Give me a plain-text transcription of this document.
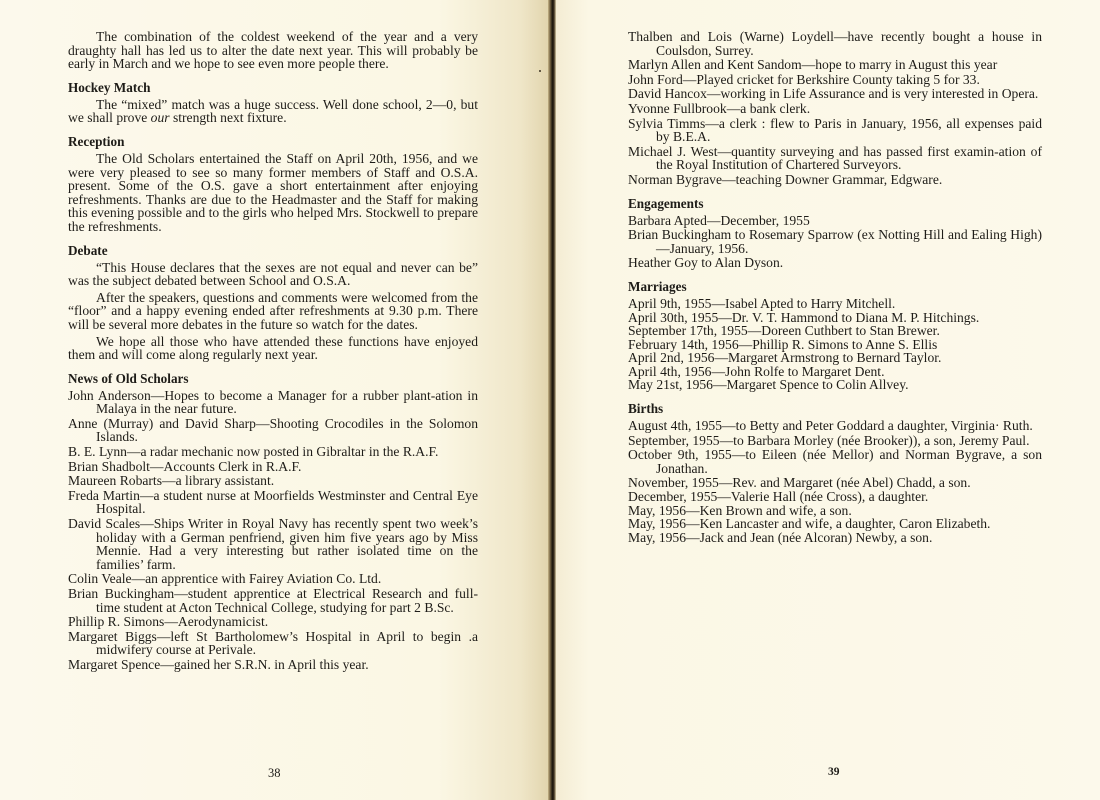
The combination of the coldest weekend of the year and a very draughty hall has led us to alter the date next year. This will probably be early in March and we hope to see even more people there.

Hockey Match

The “mixed” match was a huge success. Well done school, 2—0, but we shall prove our strength next fixture.

Reception

The Old Scholars entertained the Staff on April 20th, 1956, and we were very pleased to see so many former members of Staff and O.S.A. present. Some of the O.S. gave a short entertainment after enjoying refreshments. Thanks are due to the Headmaster and the Staff for making this evening possible and to the girls who helped Mrs. Stockwell to prepare the refreshments.

Debate

“This House declares that the sexes are not equal and never can be” was the subject debated between School and O.S.A.

After the speakers, questions and comments were welcomed from the “floor” and a happy evening ended after refreshments at 9.30 p.m. There will be several more debates in the future so watch for the dates.

We hope all those who have attended these functions have enjoyed them and will come along regularly next year.

News of Old Scholars

John Anderson—Hopes to become a Manager for a rubber plant-ation in Malaya in the near future.

Anne (Murray) and David Sharp—Shooting Crocodiles in the Solomon Islands.

B. E. Lynn—a radar mechanic now posted in Gibraltar in the R.A.F.

Brian Shadbolt—Accounts Clerk in R.A.F.

Maureen Robarts—a library assistant.

Freda Martin—a student nurse at Moorfields Westminster and Central Eye Hospital.

David Scales—Ships Writer in Royal Navy has recently spent two week’s holiday with a German penfriend, given him five years ago by Miss Mennie. Had a very interesting but rather isolated time on the families’ farm.

Colin Veale—an apprentice with Fairey Aviation Co. Ltd.

Brian Buckingham—student apprentice at Electrical Research and full-time student at Acton Technical College, studying for part 2 B.Sc.

Phillip R. Simons—Aerodynamicist.

Margaret Biggs—left St Bartholomew’s Hospital in April to begin .a midwifery course at Perivale.

Margaret Spence—gained her S.R.N. in April this year.

38

Thalben and Lois (Warne) Loydell—have recently bought a house in Coulsdon, Surrey.

Marlyn Allen and Kent Sandom—hope to marry in August this year

John Ford—Played cricket for Berkshire County taking 5 for 33.

David Hancox—working in Life Assurance and is very interested in Opera.

Yvonne Fullbrook—a bank clerk.

Sylvia Timms—a clerk : flew to Paris in January, 1956, all expenses paid by B.E.A.

Michael J. West—quantity surveying and has passed first examin-ation of the Royal Institution of Chartered Surveyors.

Norman Bygrave—teaching Downer Grammar, Edgware.

Engagements

Barbara Apted—December, 1955

Brian Buckingham to Rosemary Sparrow (ex Notting Hill and Ealing High)—January, 1956.

Heather Goy to Alan Dyson.

Marriages

April 9th, 1955—Isabel Apted to Harry Mitchell.

April 30th, 1955—Dr. V. T. Hammond to Diana M. P. Hitchings.

September 17th, 1955—Doreen Cuthbert to Stan Brewer.

February 14th, 1956—Phillip R. Simons to Anne S. Ellis

April 2nd, 1956—Margaret Armstrong to Bernard Taylor.

April 4th, 1956—John Rolfe to Margaret Dent.

May 21st, 1956—Margaret Spence to Colin Allvey.

Births

August 4th, 1955—to Betty and Peter Goddard a daughter, Virginia· Ruth.

September, 1955—to Barbara Morley (née Brooker)), a son, Jeremy Paul.

October 9th, 1955—to Eileen (née Mellor) and Norman Bygrave, a son Jonathan.

November, 1955—Rev. and Margaret (née Abel) Chadd, a son.

December, 1955—Valerie Hall (née Cross), a daughter.

May, 1956—Ken Brown and wife, a son.

May, 1956—Ken Lancaster and wife, a daughter, Caron Elizabeth.

May, 1956—Jack and Jean (née Alcoran) Newby, a son.

39
